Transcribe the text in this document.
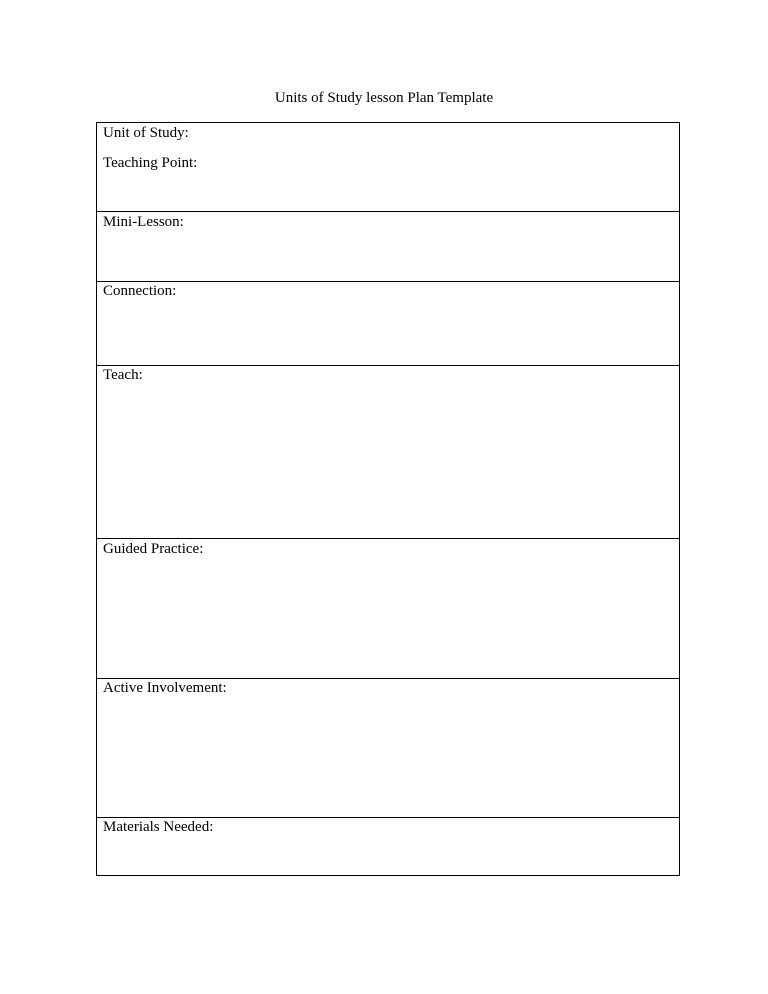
Units of Study lesson Plan Template
Unit of Study:
Teaching Point:
Mini-Lesson:
Connection:
Teach:
Guided Practice:
Active Involvement:
Materials Needed:
